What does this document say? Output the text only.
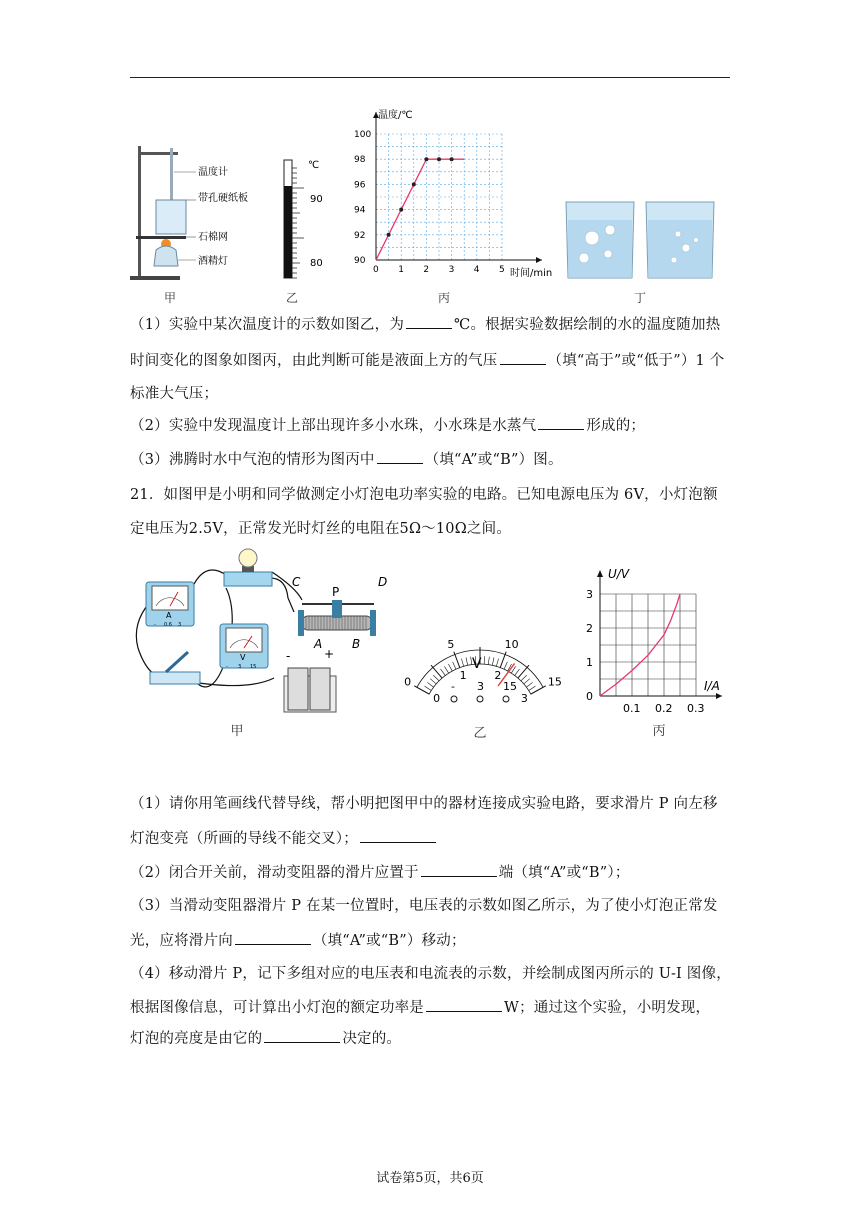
温度计
带孔硬纸板
石棉网
酒精灯
甲
90
80
℃
乙
0 1 2 3 4 5
90
92
94
96
98
100
温度/℃
时间/min
丙	丁
（1）实验中某次温度计的示数如图乙，为	℃。根据实验数据绘制的水的温度随加热
时间变化的图象如图丙，由此判断可能是液面上方的气压	（填“高于”或“低于”）1 个
标准大气压；
（2）实验中发现温度计上部出现许多小水珠，小水珠是水蒸气	形成的；
（3）沸腾时水中气泡的情形为图丙中	（填“A”或“B”）图。
21．如图甲是小明和同学做测定小灯泡电功率实验的电路。已知电源电压为 6V，小灯泡额
定电压为2.5V，正常发光时灯丝的电阻在5Ω～10Ω之间。
A
- 0.6 3
V
- 3 15
-	+
P
C	D
A B
甲
0
5	10
15
0
1	2
3
V
- 3 15
乙
0.1 0.2 0.3
1
2
3
0
U/V
I/A
丙
（1）请你用笔画线代替导线，帮小明把图甲中的器材连接成实验电路，要求滑片 P 向左移
灯泡变亮（所画的导线不能交叉）；
（2）闭合开关前，滑动变阻器的滑片应置于	端（填“A”或“B”）；
（3）当滑动变阻器滑片 P 在某一位置时，电压表的示数如图乙所示，为了使小灯泡正常发
光，应将滑片向	（填“A”或“B”）移动；
（4）移动滑片 P，记下多组对应的电压表和电流表的示数，并绘制成图丙所示的 U-I 图像，
根据图像信息，可计算出小灯泡的额定功率是	W；通过这个实验，小明发现，
灯泡的亮度是由它的	决定的。
试卷第5页，共6页
